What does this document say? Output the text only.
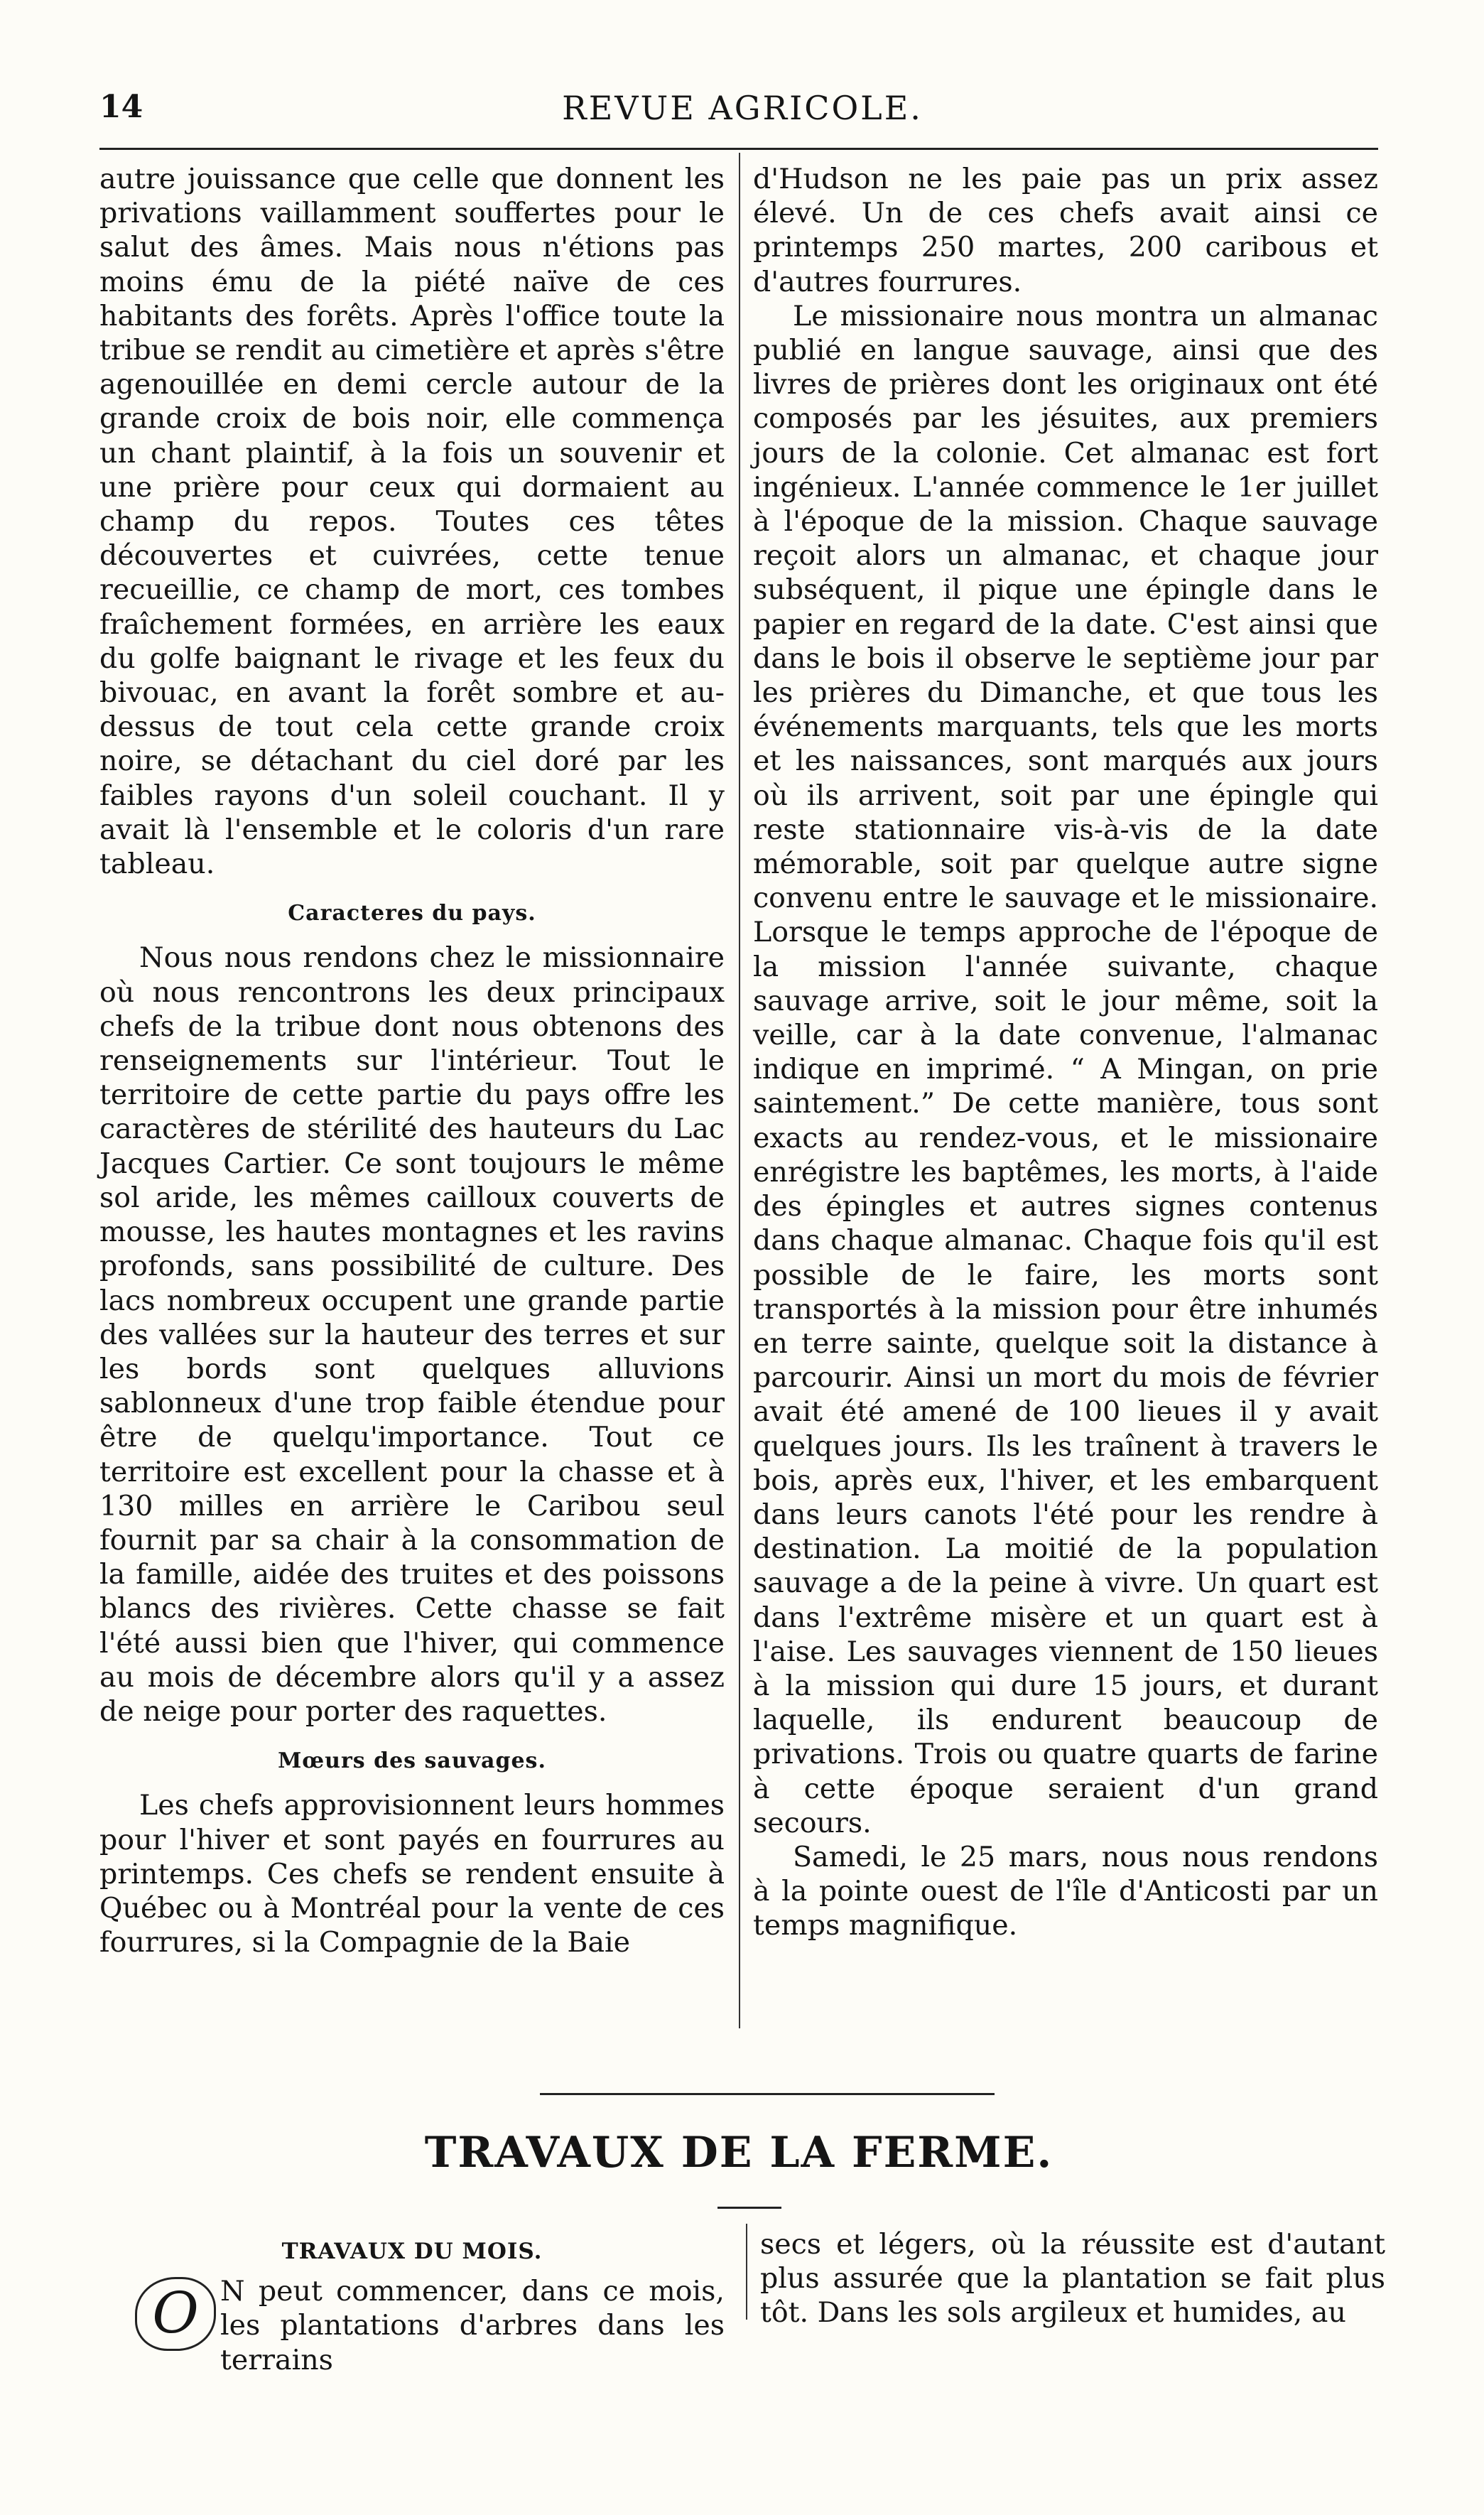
14	REVUE AGRICOLE.

autre jouissance que celle que donnent les privations vaillamment souffertes pour le salut des âmes. Mais nous n'étions pas moins ému de la piété naïve de ces habitants des forêts. Après l'office toute la tribue se rendit au cimetière et après s'être agenouillée en demi cercle autour de la grande croix de bois noir, elle commença un chant plaintif, à la fois un souvenir et une prière pour ceux qui dormaient au champ du repos. Toutes ces têtes découvertes et cuivrées, cette tenue recueillie, ce champ de mort, ces tombes fraîchement formées, en arrière les eaux du golfe baignant le rivage et les feux du bivouac, en avant la forêt sombre et au-dessus de tout cela cette grande croix noire, se détachant du ciel doré par les faibles rayons d'un soleil couchant. Il y avait là l'ensemble et le coloris d'un rare tableau.

Caracteres du pays.

Nous nous rendons chez le missionnaire où nous rencontrons les deux principaux chefs de la tribue dont nous obtenons des renseignements sur l'intérieur. Tout le territoire de cette partie du pays offre les caractères de stérilité des hauteurs du Lac Jacques Cartier. Ce sont toujours le même sol aride, les mêmes cailloux couverts de mousse, les hautes montagnes et les ravins profonds, sans possibilité de culture. Des lacs nombreux occupent une grande partie des vallées sur la hauteur des terres et sur les bords sont quelques alluvions sablonneux d'une trop faible étendue pour être de quelqu'importance. Tout ce territoire est excellent pour la chasse et à 130 milles en arrière le Caribou seul fournit par sa chair à la consommation de la famille, aidée des truites et des poissons blancs des rivières. Cette chasse se fait l'été aussi bien que l'hiver, qui commence au mois de décembre alors qu'il y a assez de neige pour porter des raquettes.

Mœurs des sauvages.

Les chefs approvisionnent leurs hommes pour l'hiver et sont payés en fourrures au printemps. Ces chefs se rendent ensuite à Québec ou à Montréal pour la vente de ces fourrures, si la Compagnie de la Baie

d'Hudson ne les paie pas un prix assez élevé. Un de ces chefs avait ainsi ce printemps 250 martes, 200 caribous et d'autres fourrures.

Le missionaire nous montra un almanac publié en langue sauvage, ainsi que des livres de prières dont les originaux ont été composés par les jésuites, aux premiers jours de la colonie. Cet almanac est fort ingénieux. L'année commence le 1er juillet à l'époque de la mission. Chaque sauvage reçoit alors un almanac, et chaque jour subséquent, il pique une épingle dans le papier en regard de la date. C'est ainsi que dans le bois il observe le septième jour par les prières du Dimanche, et que tous les événements marquants, tels que les morts et les naissances, sont marqués aux jours où ils arrivent, soit par une épingle qui reste stationnaire vis-à-vis de la date mémorable, soit par quelque autre signe convenu entre le sauvage et le missionaire. Lorsque le temps approche de l'époque de la mission l'année suivante, chaque sauvage arrive, soit le jour même, soit la veille, car à la date convenue, l'almanac indique en imprimé. “ A Mingan, on prie saintement.” De cette manière, tous sont exacts au rendez-vous, et le missionaire enrégistre les baptêmes, les morts, à l'aide des épingles et autres signes contenus dans chaque almanac. Chaque fois qu'il est possible de le faire, les morts sont transportés à la mission pour être inhumés en terre sainte, quelque soit la distance à parcourir. Ainsi un mort du mois de février avait été amené de 100 lieues il y avait quelques jours. Ils les traînent à travers le bois, après eux, l'hiver, et les embarquent dans leurs canots l'été pour les rendre à destination. La moitié de la population sauvage a de la peine à vivre. Un quart est dans l'extrême misère et un quart est à l'aise. Les sauvages viennent de 150 lieues à la mission qui dure 15 jours, et durant laquelle, ils endurent beaucoup de privations. Trois ou quatre quarts de farine à cette époque seraient d'un grand secours.

Samedi, le 25 mars, nous nous rendons à la pointe ouest de l'île d'Anticosti par un temps magnifique.

TRAVAUX DE LA FERME.
TRAVAUX DU MOIS.
O N peut commencer, dans ce mois, les plantations d'arbres dans les terrains

secs et légers, où la réussite est d'autant plus assurée que la plantation se fait plus tôt. Dans les sols argileux et humides, au
